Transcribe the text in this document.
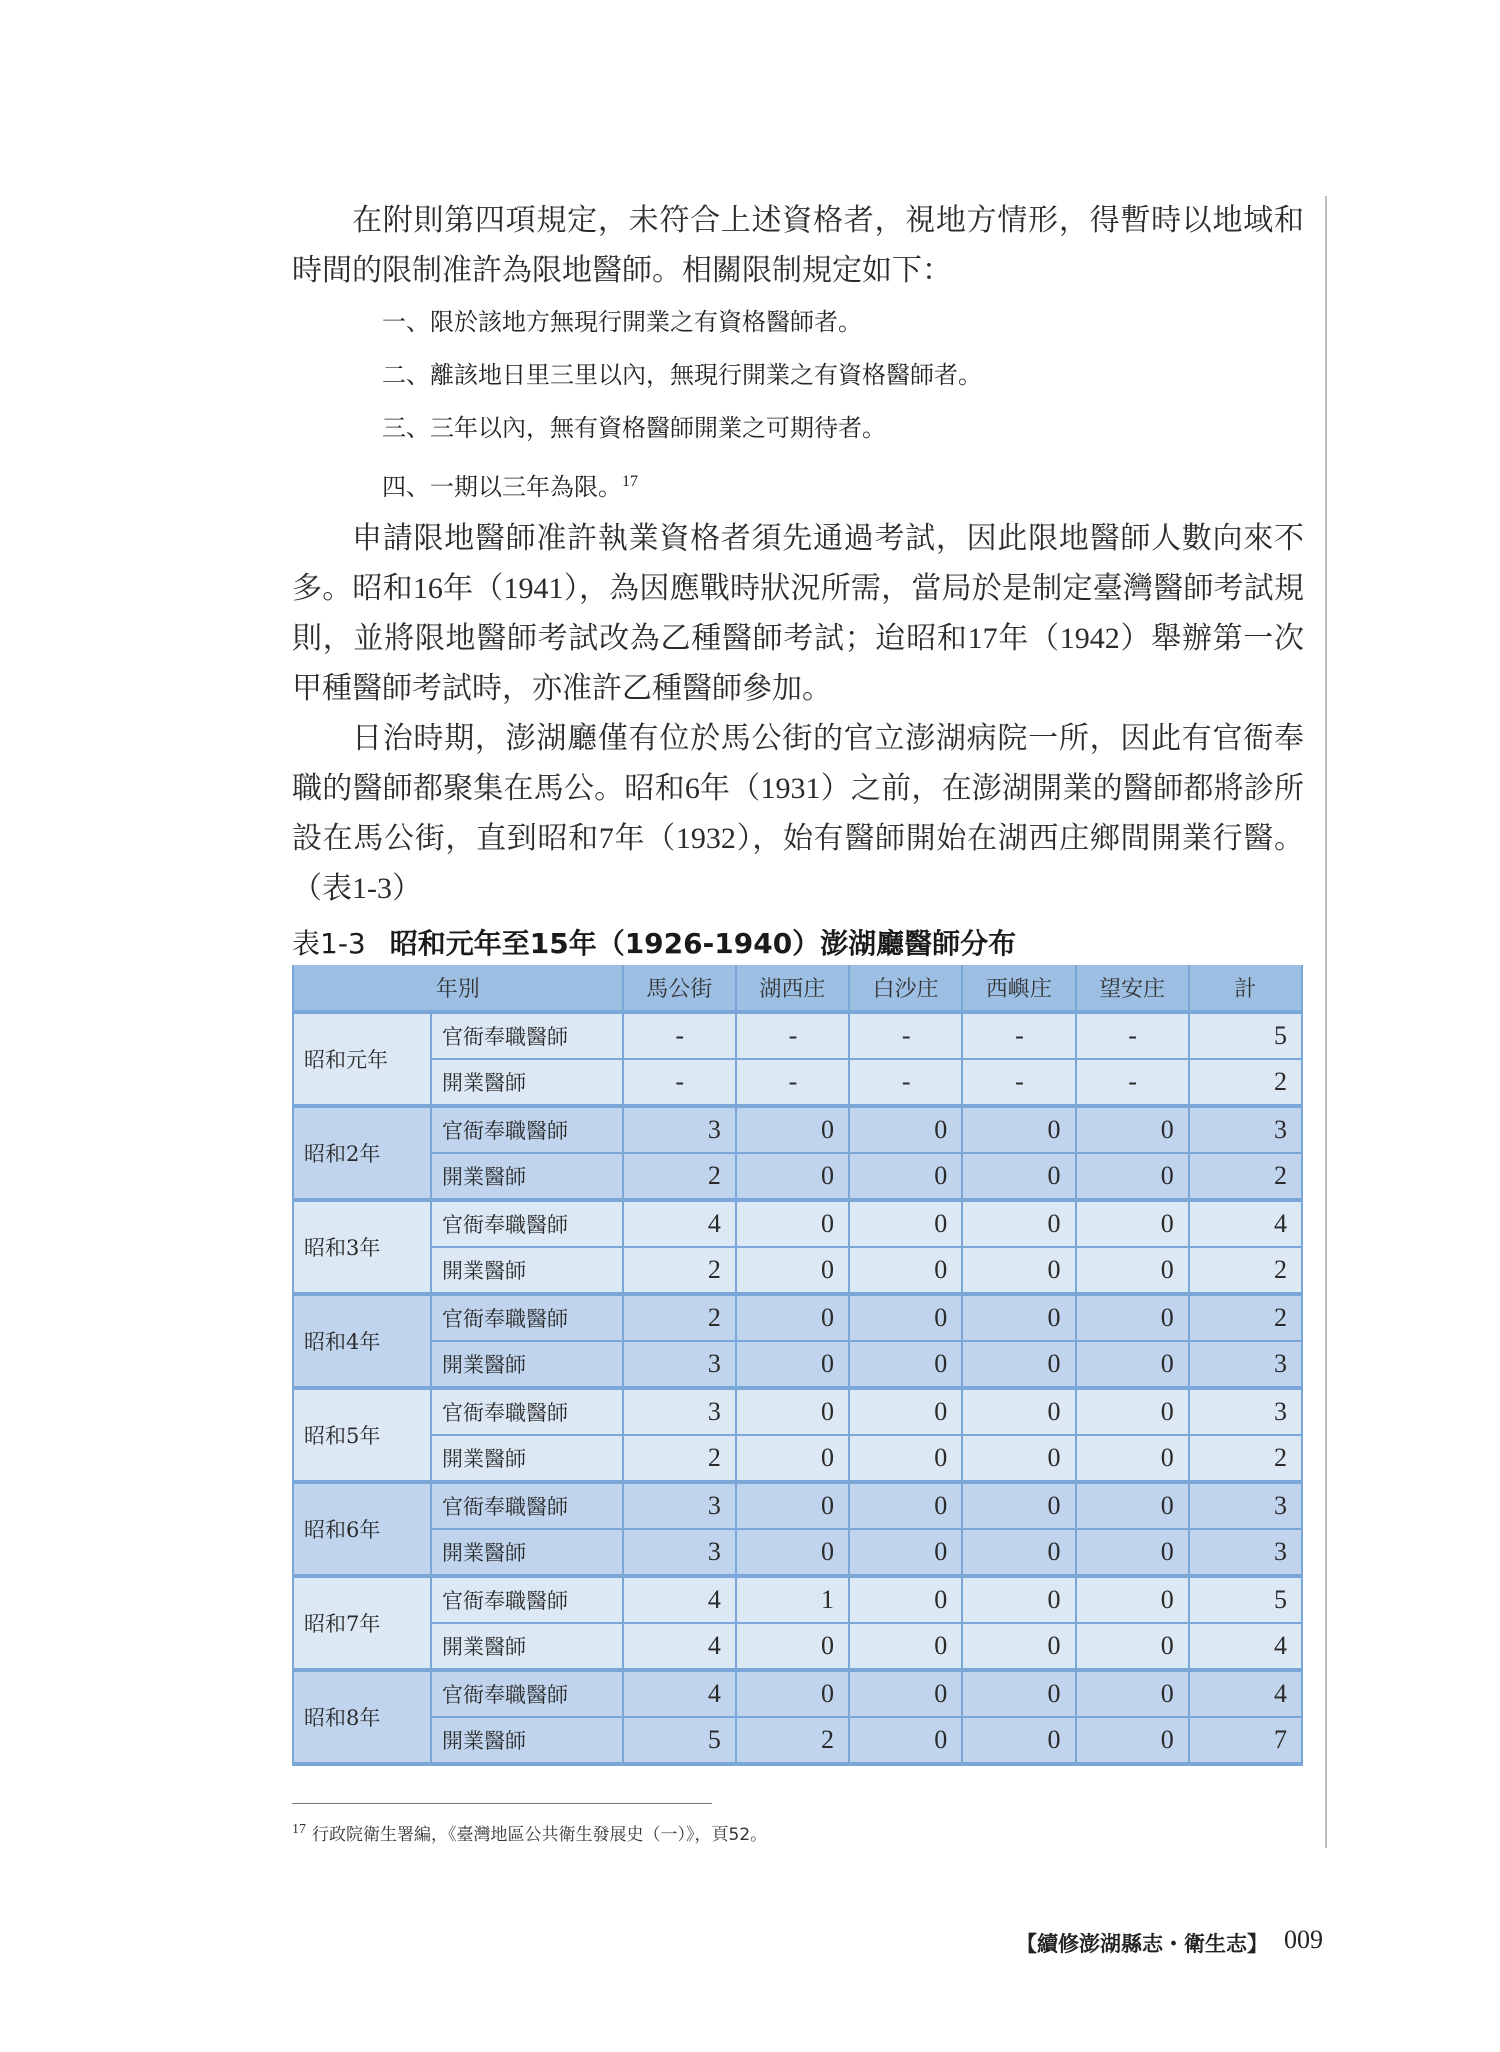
在附則第四項規定，未符合上述資格者，視地方情形，得暫時以地域和時間的限制准許為限地醫師。相關限制規定如下：

一、限於該地方無現行開業之有資格醫師者。
二、離該地日里三里以內，無現行開業之有資格醫師者。
三、三年以內，無有資格醫師開業之可期待者。
四、一期以三年為限。$^{17}$

申請限地醫師准許執業資格者須先通過考試，因此限地醫師人數向來不多。昭和16年（1941），為因應戰時狀況所需，當局於是制定臺灣醫師考試規則，並將限地醫師考試改為乙種醫師考試；迨昭和17年（1942）舉辦第一次甲種醫師考試時，亦准許乙種醫師參加。

日治時期，澎湖廳僅有位於馬公街的官立澎湖病院一所，因此有官衙奉職的醫師都聚集在馬公。昭和6年（1931）之前，在澎湖開業的醫師都將診所設在馬公街，直到昭和7年（1932），始有醫師開始在湖西庄鄉間開業行醫。（表1-3）

表1-3 昭和元年至15年（1926-1940）澎湖廳醫師分布
年別		馬公街	湖西庄	白沙庄	西嶼庄	望安庄	計
昭和元年	官衙奉職醫師	-	-	-	-	-	5
	開業醫師	-	-	-	-	-	2
昭和2年	官衙奉職醫師	3	0	0	0	0	3
	開業醫師	2	0	0	0	0	2
昭和3年	官衙奉職醫師	4	0	0	0	0	4
	開業醫師	2	0	0	0	0	2
昭和4年	官衙奉職醫師	2	0	0	0	0	2
	開業醫師	3	0	0	0	0	3
昭和5年	官衙奉職醫師	3	0	0	0	0	3
	開業醫師	2	0	0	0	0	2
昭和6年	官衙奉職醫師	3	0	0	0	0	3
	開業醫師	3	0	0	0	0	3
昭和7年	官衙奉職醫師	4	1	0	0	0	5
	開業醫師	4	0	0	0	0	4
昭和8年	官衙奉職醫師	4	0	0	0	0	4
	開業醫師	5	2	0	0	0	7
$^{17}$ 行政院衛生署編，《臺灣地區公共衛生發展史（一）》，頁52。
【續修澎湖縣志・衛生志】 009
